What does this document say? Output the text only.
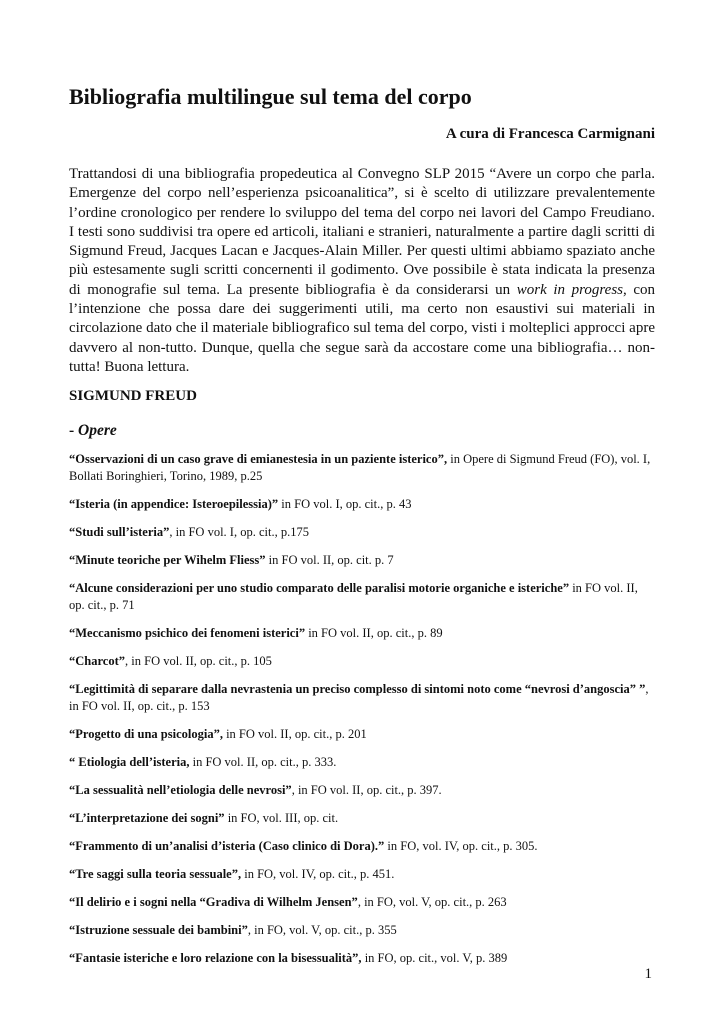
Bibliografia multilingue sul tema del corpo

A cura di Francesca Carmignani

Trattandosi di una bibliografia propedeutica al Convegno SLP 2015 “Avere un corpo che parla. Emergenze del corpo nell’esperienza psicoanalitica”, si è scelto di utilizzare prevalentemente l’ordine cronologico per rendere lo sviluppo del tema del corpo nei lavori del Campo Freudiano. I testi sono suddivisi tra opere ed articoli, italiani e stranieri, naturalmente a partire dagli scritti di Sigmund Freud, Jacques Lacan e Jacques-Alain Miller. Per questi ultimi abbiamo spaziato anche più estesamente sugli scritti concernenti il godimento. Ove possibile è stata indicata la presenza di monografie sul tema. La presente bibliografia è da considerarsi un work in progress, con l’intenzione che possa dare dei suggerimenti utili, ma certo non esaustivi sui materiali in circolazione dato che il materiale bibliografico sul tema del corpo, visti i molteplici approcci apre davvero al non-tutto. Dunque, quella che segue sarà da accostare come una bibliografia… non-tutta! Buona lettura.

SIGMUND FREUD

- Opere

“Osservazioni di un caso grave di emianestesia in un paziente isterico”, in Opere di Sigmund Freud (FO), vol. I, Bollati Boringhieri, Torino, 1989, p.25
“Isteria (in appendice: Isteroepilessia)” in FO vol. I, op. cit., p. 43
“Studi sull’isteria”, in FO vol. I, op. cit., p.175
“Minute teoriche per Wihelm Fliess” in FO vol. II, op. cit. p. 7
“Alcune considerazioni per uno studio comparato delle paralisi motorie organiche e isteriche” in FO vol. II, op. cit., p. 71
“Meccanismo psichico dei fenomeni isterici” in FO vol. II, op. cit., p. 89
“Charcot”, in FO vol. II, op. cit., p. 105
“Legittimità di separare dalla nevrastenia un preciso complesso di sintomi noto come “nevrosi d’angoscia” ”, in FO vol. II, op. cit., p. 153
“Progetto di una psicologia”, in FO vol. II, op. cit., p. 201
“ Etiologia dell’isteria, in FO vol. II, op. cit., p. 333.
“La sessualità nell’etiologia delle nevrosi”, in FO vol. II, op. cit., p. 397.
“L’interpretazione dei sogni” in FO, vol. III, op. cit.
“Frammento di un’analisi d’isteria (Caso clinico di Dora).” in FO, vol. IV, op. cit., p. 305.
“Tre saggi sulla teoria sessuale”, in FO, vol. IV, op. cit., p. 451.
“Il delirio e i sogni nella “Gradiva di Wilhelm Jensen”, in FO, vol. V, op. cit., p. 263
“Istruzione sessuale dei bambini”, in FO, vol. V, op. cit., p. 355
“Fantasie isteriche e loro relazione con la bisessualità”, in FO, op. cit., vol. V, p. 389
1
